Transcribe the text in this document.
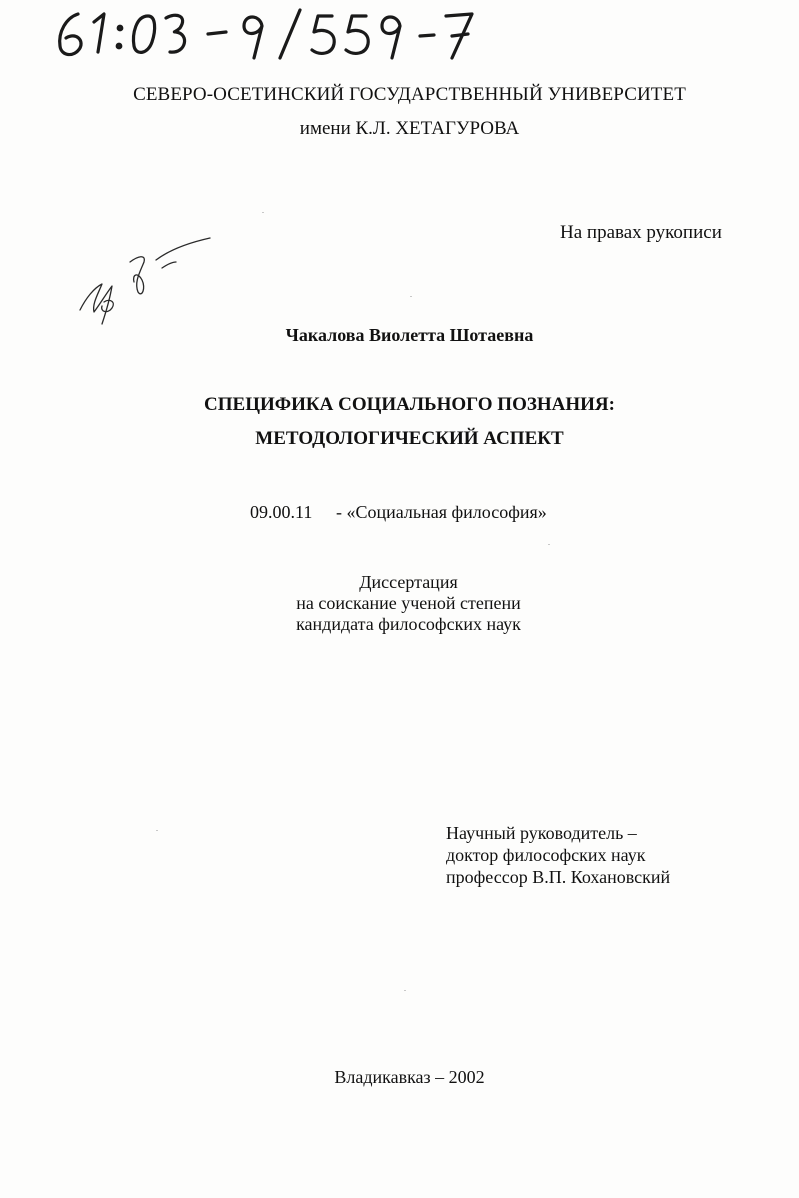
СЕВЕРО-ОСЕТИНСКИЙ ГОСУДАРСТВЕННЫЙ УНИВЕРСИТЕТ
имени К.Л. ХЕТАГУРОВА
На правах рукописи
Чакалова Виолетта Шотаевна
СПЕЦИФИКА СОЦИАЛЬНОГО ПОЗНАНИЯ:
МЕТОДОЛОГИЧЕСКИЙ АСПЕКТ
09.00.11 - «Социальная философия»
Диссертация
на соискание ученой степени
кандидата философских наук
Научный руководитель –
доктор философских наук
профессор В.П. Кохановский
Владикавказ – 2002
